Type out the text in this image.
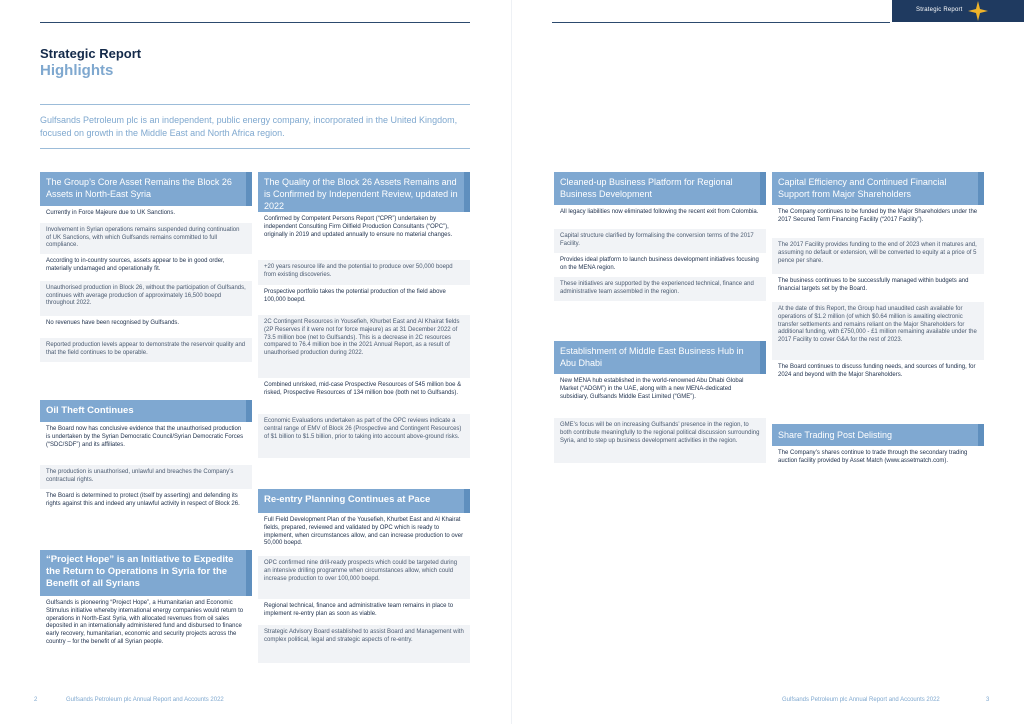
Strategic Report
Strategic Report
Highlights
Gulfsands Petroleum plc is an independent, public energy company, incorporated in the United Kingdom, focused on growth in the Middle East and North Africa region.
The Group’s Core Asset Remains the Block 26 Assets in North-East Syria
Currently in Force Majeure due to UK Sanctions.
Involvement in Syrian operations remains suspended during continuation of UK Sanctions, with which Gulfsands remains committed to full compliance.
According to in-country sources, assets appear to be in good order, materially undamaged and operationally fit.
Unauthorised production in Block 26, without the participation of Gulfsands, continues with average production of approximately 16,500 boepd throughout 2022.
No revenues have been recognised by Gulfsands.
Reported production levels appear to demonstrate the reservoir quality and that the field continues to be operable.
Oil Theft Continues
The Board now has conclusive evidence that the unauthorised production is undertaken by the Syrian Democratic Council/Syrian Democratic Forces (“SDC/SDF”) and its affiliates.
The production is unauthorised, unlawful and breaches the Company’s contractual rights.
The Board is determined to protect (itself by asserting) and defending its rights against this and indeed any unlawful activity in respect of Block 26.
“Project Hope” is an Initiative to Expedite the Return to Operations in Syria for the Benefit of all Syrians
Gulfsands is pioneering “Project Hope”, a Humanitarian and Economic Stimulus initiative whereby international energy companies would return to operations in North-East Syria, with allocated revenues from oil sales deposited in an internationally administered fund and disbursed to finance early recovery, humanitarian, economic and security projects across the country – for the benefit of all Syrian people.
The Quality of the Block 26 Assets Remains and is Confirmed by Independent Review, updated in 2022
Confirmed by Competent Persons Report (“CPR”) undertaken by independent Consulting Firm Oilfield Production Consultants (“OPC”), originally in 2019 and updated annually to ensure no material changes.
+20 years resource life and the potential to produce over 50,000 boepd from existing discoveries.
Prospective portfolio takes the potential production of the field above 100,000 boepd.
2C Contingent Resources in Yousefieh, Khurbet East and Al Khairat fields (2P Reserves if it were not for force majeure) as at 31 December 2022 of 73.5 million boe (net to Gulfsands). This is a decrease in 2C resources compared to 76.4 million boe in the 2021 Annual Report, as a result of unauthorised production during 2022.
Combined unrisked, mid-case Prospective Resources of 545 million boe & risked, Prospective Resources of 134 million boe (both net to Gulfsands).
Economic Evaluations undertaken as part of the OPC reviews indicate a central range of EMV of Block 26 (Prospective and Contingent Resources) of $1 billion to $1.5 billion, prior to taking into account above-ground risks.
Re-entry Planning Continues at Pace
Full Field Development Plan of the Yousefieh, Khurbet East and Al Khairat fields, prepared, reviewed and validated by OPC which is ready to implement, when circumstances allow, and can increase production to over 50,000 boepd.
OPC confirmed nine drill-ready prospects which could be targeted during an intensive drilling programme when circumstances allow, which could increase production to over 100,000 boepd.
Regional technical, finance and administrative team remains in place to implement re-entry plan as soon as viable.
Strategic Advisory Board established to assist Board and Management with complex political, legal and strategic aspects of re-entry.
Cleaned-up Business Platform for Regional Business Development
All legacy liabilities now eliminated following the recent exit from Colombia.
Capital structure clarified by formalising the conversion terms of the 2017 Facility.
Provides ideal platform to launch business development initiatives focusing on the MENA region.
These initiatives are supported by the experienced technical, finance and administrative team assembled in the region.
Establishment of Middle East Business Hub in Abu Dhabi
New MENA hub established in the world-renowned Abu Dhabi Global Market (“ADGM”) in the UAE, along with a new MENA-dedicated subsidiary, Gulfsands Middle East Limited (“GME”).
GME’s focus will be on increasing Gulfsands’ presence in the region, to both contribute meaningfully to the regional political discussion surrounding Syria, and to step up business development activities in the region.
Capital Efficiency and Continued Financial Support from Major Shareholders
The Company continues to be funded by the Major Shareholders under the 2017 Secured Term Financing Facility (“2017 Facility”).
The 2017 Facility provides funding to the end of 2023 when it matures and, assuming no default or extension, will be converted to equity at a price of 5 pence per share.
The business continues to be successfully managed within budgets and financial targets set by the Board.
At the date of this Report, the Group had unaudited cash available for operations of $1.2 million (of which $0.64 million is awaiting electronic transfer settlements and remains reliant on the Major Shareholders for additional funding, with £750,000 - £1 million remaining available under the 2017 Facility to cover G&A for the rest of 2023.
The Board continues to discuss funding needs, and sources of funding, for 2024 and beyond with the Major Shareholders.
Share Trading Post Delisting
The Company’s shares continue to trade through the secondary trading auction facility provided by Asset Match (www.assetmatch.com).
2	Gulfsands Petroleum plc Annual Report and Accounts 2022	Gulfsands Petroleum plc Annual Report and Accounts 2022	3
